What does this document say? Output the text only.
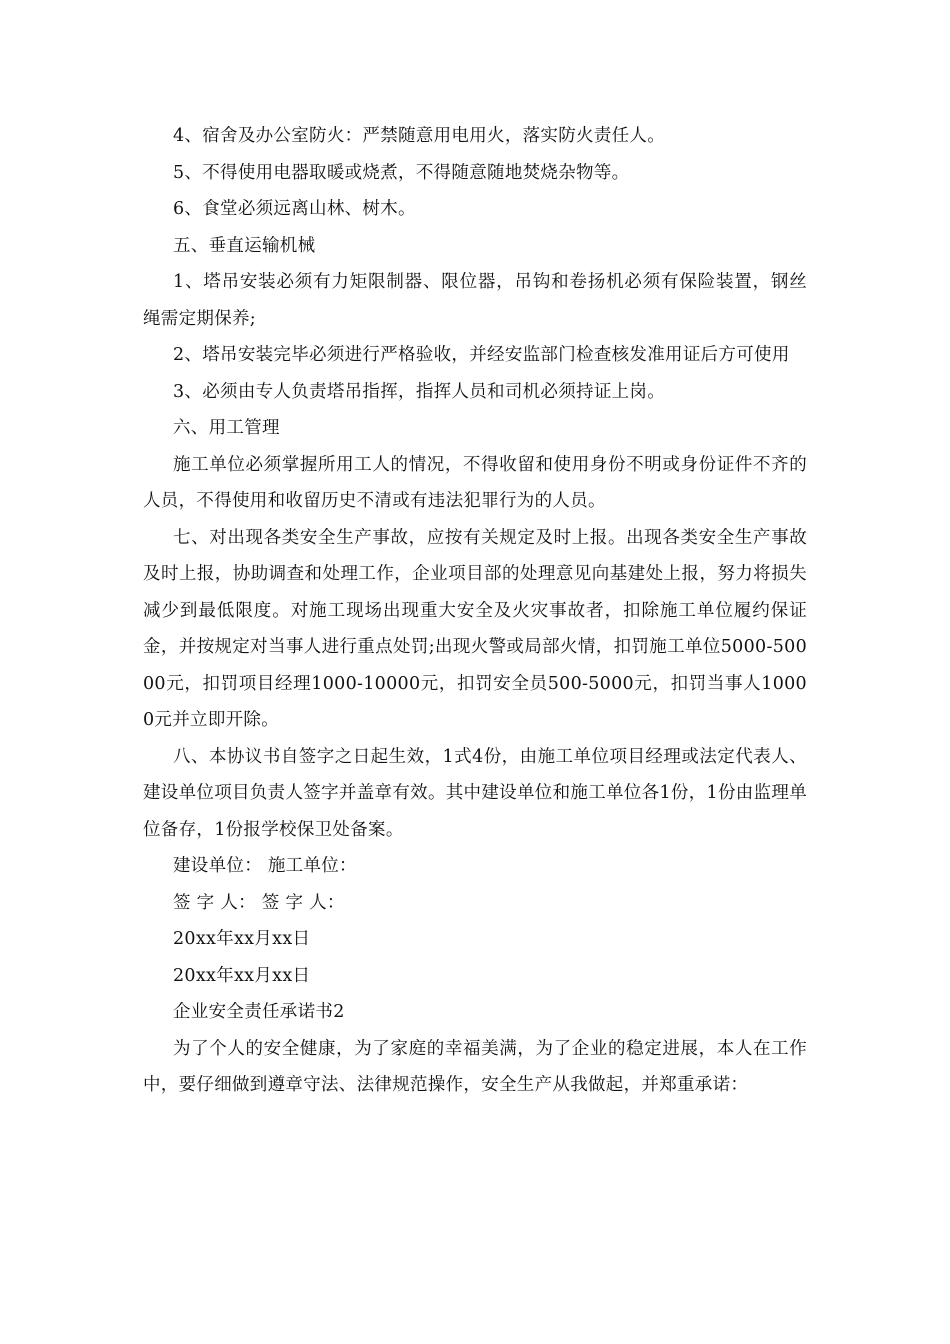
4、宿舍及办公室防火：严禁随意用电用火，落实防火责任人。

5、不得使用电器取暖或烧煮，不得随意随地焚烧杂物等。

6、食堂必须远离山林、树木。

五、垂直运输机械

1、塔吊安装必须有力矩限制器、限位器，吊钩和卷扬机必须有保险装置，钢丝绳需定期保养;

2、塔吊安装完毕必须进行严格验收，并经安监部门检查核发准用证后方可使用

3、必须由专人负责塔吊指挥，指挥人员和司机必须持证上岗。

六、用工管理

施工单位必须掌握所用工人的情况，不得收留和使用身份不明或身份证件不齐的人员，不得使用和收留历史不清或有违法犯罪行为的人员。

七、对出现各类安全生产事故，应按有关规定及时上报。出现各类安全生产事故及时上报，协助调查和处理工作，企业项目部的处理意见向基建处上报，努力将损失减少到最低限度。对施工现场出现重大安全及火灾事故者，扣除施工单位履约保证金，并按规定对当事人进行重点处罚;出现火警或局部火情，扣罚施工单位5000-50000元，扣罚项目经理1000-10000元，扣罚安全员500-5000元，扣罚当事人10000元并立即开除。

八、本协议书自签字之日起生效，1式4份，由施工单位项目经理或法定代表人、建设单位项目负责人签字并盖章有效。其中建设单位和施工单位各1份，1份由监理单位备存，1份报学校保卫处备案。

建设单位： 施工单位：

签 字 人： 签 字 人：

20xx年xx月xx日

20xx年xx月xx日

企业安全责任承诺书2

为了个人的安全健康，为了家庭的幸福美满，为了企业的稳定进展，本人在工作中，要仔细做到遵章守法、法律规范操作，安全生产从我做起，并郑重承诺：
